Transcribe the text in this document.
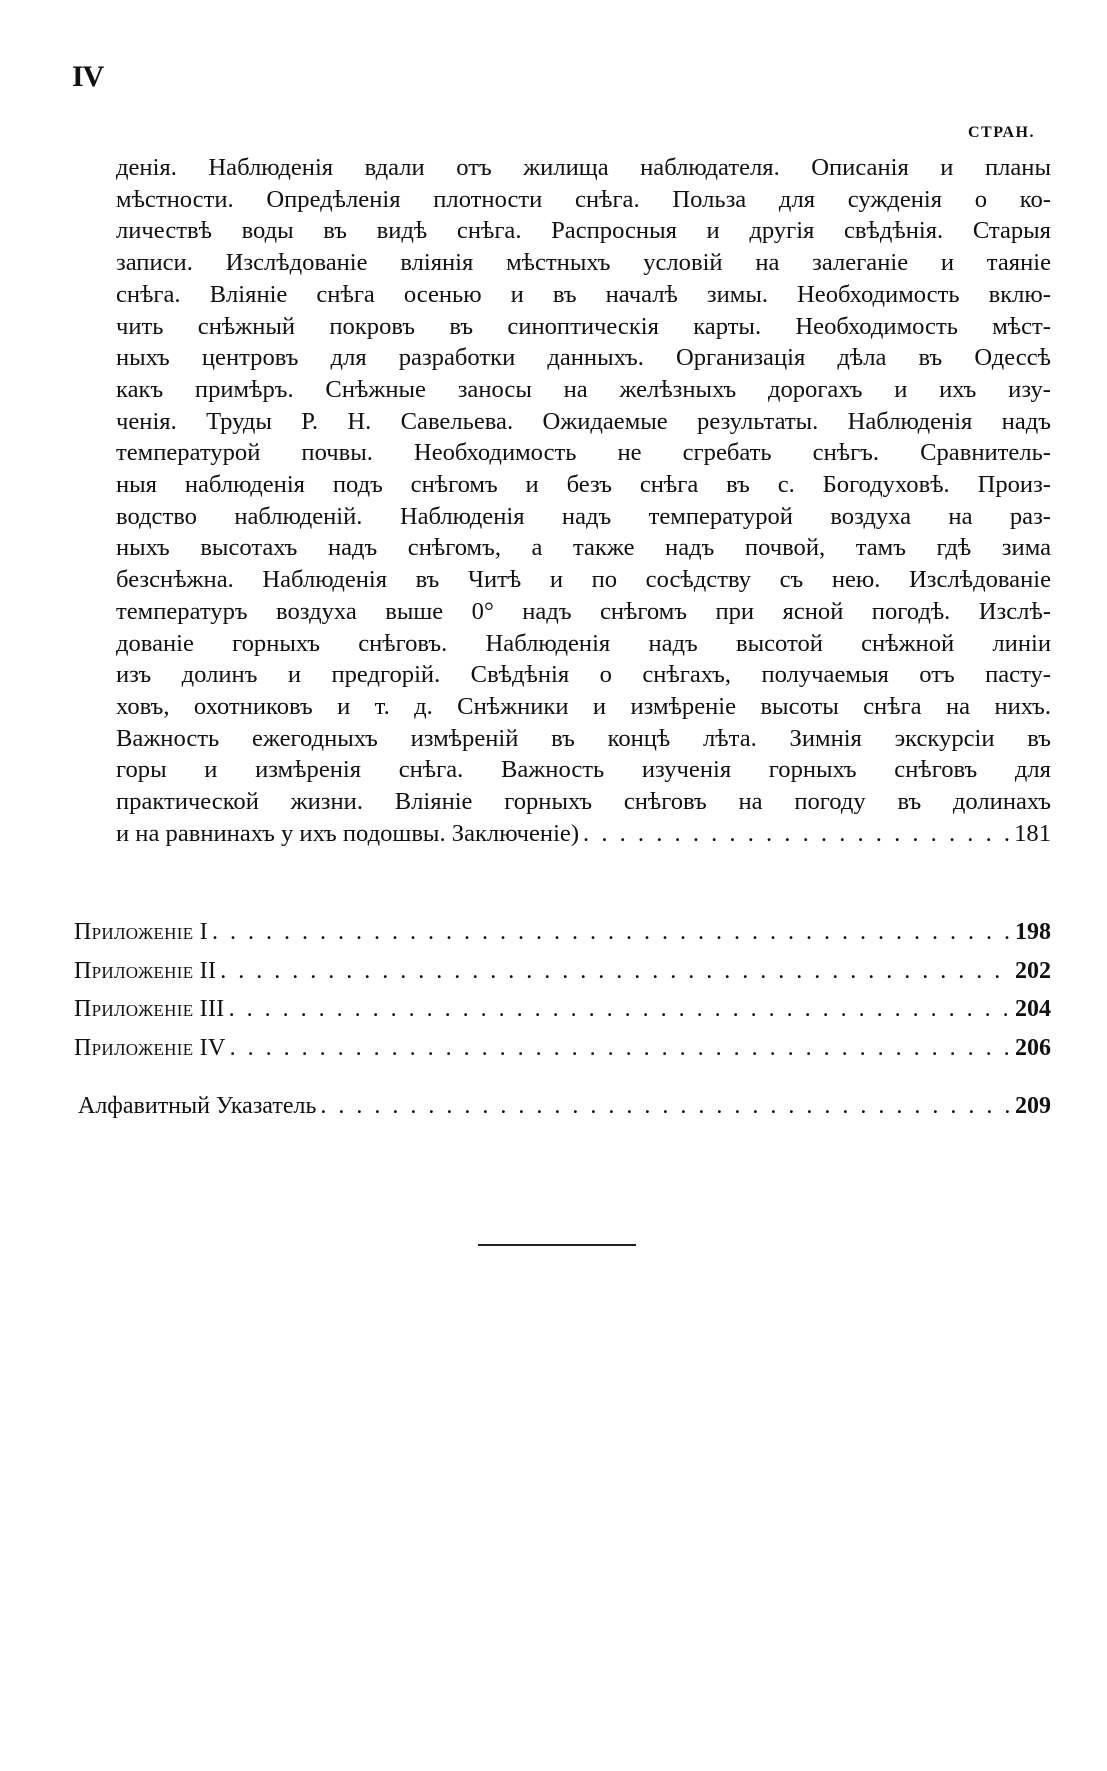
IV
СТРАН.
денія. Наблюденія вдали отъ жилища наблюдателя. Описанія и планы
мѣстности. Опредѣленія плотности снѣга. Польза для сужденія о ко-
личествѣ воды въ видѣ снѣга. Распросныя и другія свѣдѣнія. Старыя
записи. Изслѣдованіе вліянія мѣстныхъ условій на залеганіе и таяніе
снѣга. Вліяніе снѣга осенью и въ началѣ зимы. Необходимость вклю-
чить снѣжный покровъ въ синоптическія карты. Необходимость мѣст-
ныхъ центровъ для разработки данныхъ. Организація дѣла въ Одессѣ
какъ примѣръ. Снѣжные заносы на желѣзныхъ дорогахъ и ихъ изу-
ченія. Труды Р. Н. Савельева. Ожидаемые результаты. Наблюденія надъ
температурой почвы. Необходимость не сгребать снѣгъ. Сравнитель-
ныя наблюденія подъ снѣгомъ и безъ снѣга въ с. Богодуховѣ. Произ-
водство наблюденій. Наблюденія надъ температурой воздуха на раз-
ныхъ высотахъ надъ снѣгомъ, а также надъ почвой, тамъ гдѣ зима
безснѣжна. Наблюденія въ Читѣ и по сосѣдству съ нею. Изслѣдованіе
температуръ воздуха выше 0° надъ снѣгомъ при ясной погодѣ. Изслѣ-
дованіе горныхъ снѣговъ. Наблюденія надъ высотой снѣжной линіи
изъ долинъ и предгорій. Свѣдѣнія о снѣгахъ, получаемыя отъ пасту-
ховъ, охотниковъ и т. д. Снѣжники и измѣреніе высоты снѣга на нихъ.
Важность ежегодныхъ измѣреній въ концѣ лѣта. Зимнія экскурсіи въ
горы и измѣренія снѣга. Важность изученія горныхъ снѣговъ для
практической жизни. Вліяніе горныхъ снѣговъ на погоду въ долинахъ
и на равнинахъ у ихъ подошвы. Заключеніе) . . .	181
Приложеніе I . . .	198
Приложеніе II . . .	202
Приложеніе III . . .	204
Приложеніе IV . . .	206
Алфавитный Указатель . . .	209
